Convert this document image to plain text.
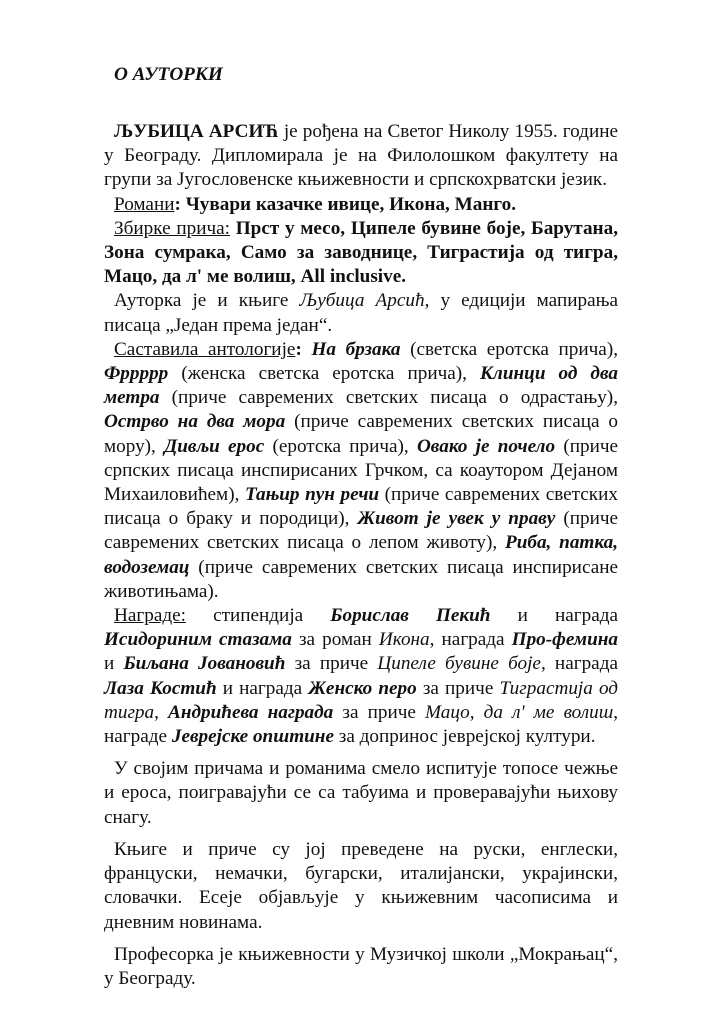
О АУТОРКИ

ЉУБИЦА АРСИЋ је рођена на Светог Николу 1955. године у Београду. Дипломирала је на Филолошком факултету на групи за Југословенске књижевности и српскохрватски језик.

Романи: Чувари казачке ивице, Икона, Манго.

Збирке прича: Прст у месо, Ципеле бувине боје, Барутана, Зона сумрака, Само за заводнице, Тиграстија од тигра, Мацо, да л' ме волиш, All inclusive.

Ауторка је и књиге Љубица Арсић, у едицији мапирања писаца „Један према један“.

Саставила антологије: На брзака (светска еротска прича), Фррррр (женска светска еротска прича), Клинци од два метра (приче савремених светских писаца о одрастању), Острво на два мора (приче савремених светских писаца о мору), Дивљи ерос (еротска прича), Овако је почело (приче српских писаца инспирисаних Грчком, са коаутором Дејаном Михаиловићем), Тањир пун речи (приче савремених светских писаца о браку и породици), Живот је увек у праву (приче савремених светских писаца о лепом животу), Риба, патка, водоземац (приче савремених светских писаца инспирисане животињама).

Награде: стипендија Борислав Пекић и награда Исидориним стазама за роман Икона, награда Про-фемина и Биљана Јовановић за приче Ципеле бувине боје, награда Лаза Костић и награда Женско перо за приче Тиграстија од тигра, Андрићева награда за приче Мацо, да л' ме волиш, награде Јеврејске општине за допринос јеврејској култури.

У својим причама и романима смело испитује топосе чежње и ероса, поигравајући се са табуима и проверавајући њихову снагу.

Књиге и приче су јој преведене на руски, енглески, француски, немачки, бугарски, италијански, украјински, словачки. Есеје објављује у књижевним часописима и дневним новинама.

Професорка је књижевности у Музичкој школи „Мокрањац“, у Београду.
